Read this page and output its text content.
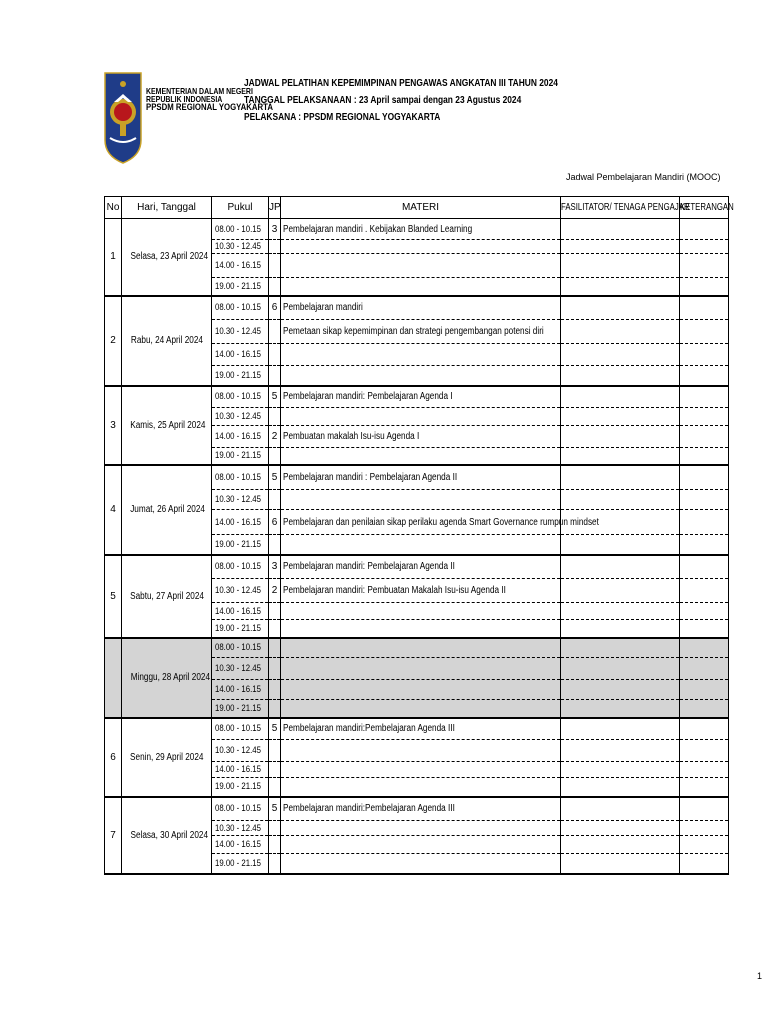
KEMENTERIAN DALAM NEGERI
REPUBLIK INDONESIA
PPSDM REGIONAL YOGYAKARTA
JADWAL PELATIHAN KEPEMIMPINAN PENGAWAS ANGKATAN III TAHUN 2024
TANGGAL PELAKSANAAN : 23 April sampai dengan 23 Agustus 2024
PELAKSANA : PPSDM REGIONAL YOGYAKARTA
Jadwal Pembelajaran Mandiri (MOOC)
No	Hari, Tanggal	Pukul	JP	MATERI	FASILITATOR/ TENAGA PENGAJAR	KETERANGAN
1	Selasa, 23 April 2024	08.00 - 10.15	3	Pembelajaran mandiri . Kebijakan Blanded Learning		
		10.30 - 12.45				
		14.00 - 16.15				
		19.00 - 21.15				
2	Rabu, 24 April 2024	08.00 - 10.15	6	Pembelajaran mandiri		
		10.30 - 12.45		Pemetaan sikap kepemimpinan dan strategi pengembangan potensi diri		
		14.00 - 16.15				
		19.00 - 21.15				
3	Kamis, 25 April 2024	08.00 - 10.15	5	Pembelajaran mandiri: Pembelajaran Agenda I		
		10.30 - 12.45				
		14.00 - 16.15	2	Pembuatan makalah Isu-isu Agenda I		
		19.00 - 21.15				
4	Jumat, 26 April 2024	08.00 - 10.15	5	Pembelajaran mandiri : Pembelajaran Agenda II		
		10.30 - 12.45				
		14.00 - 16.15	6	Pembelajaran dan penilaian sikap perilaku agenda Smart Governance rumpun mindset		
		19.00 - 21.15				
5	Sabtu, 27 April 2024	08.00 - 10.15	3	Pembelajaran mandiri: Pembelajaran Agenda II		
		10.30 - 12.45	2	Pembelajaran mandiri: Pembuatan Makalah Isu-isu Agenda II		
		14.00 - 16.15				
		19.00 - 21.15				
	Minggu, 28 April 2024	08.00 - 10.15				
		10.30 - 12.45				
		14.00 - 16.15				
		19.00 - 21.15				
6	Senin, 29 April 2024	08.00 - 10.15	5	Pembelajaran mandiri:Pembelajaran Agenda III		
		10.30 - 12.45				
		14.00 - 16.15				
		19.00 - 21.15				
7	Selasa, 30 April 2024	08.00 - 10.15	5	Pembelajaran mandiri:Pembelajaran Agenda III		
		10.30 - 12.45				
		14.00 - 16.15				
		19.00 - 21.15				
1
